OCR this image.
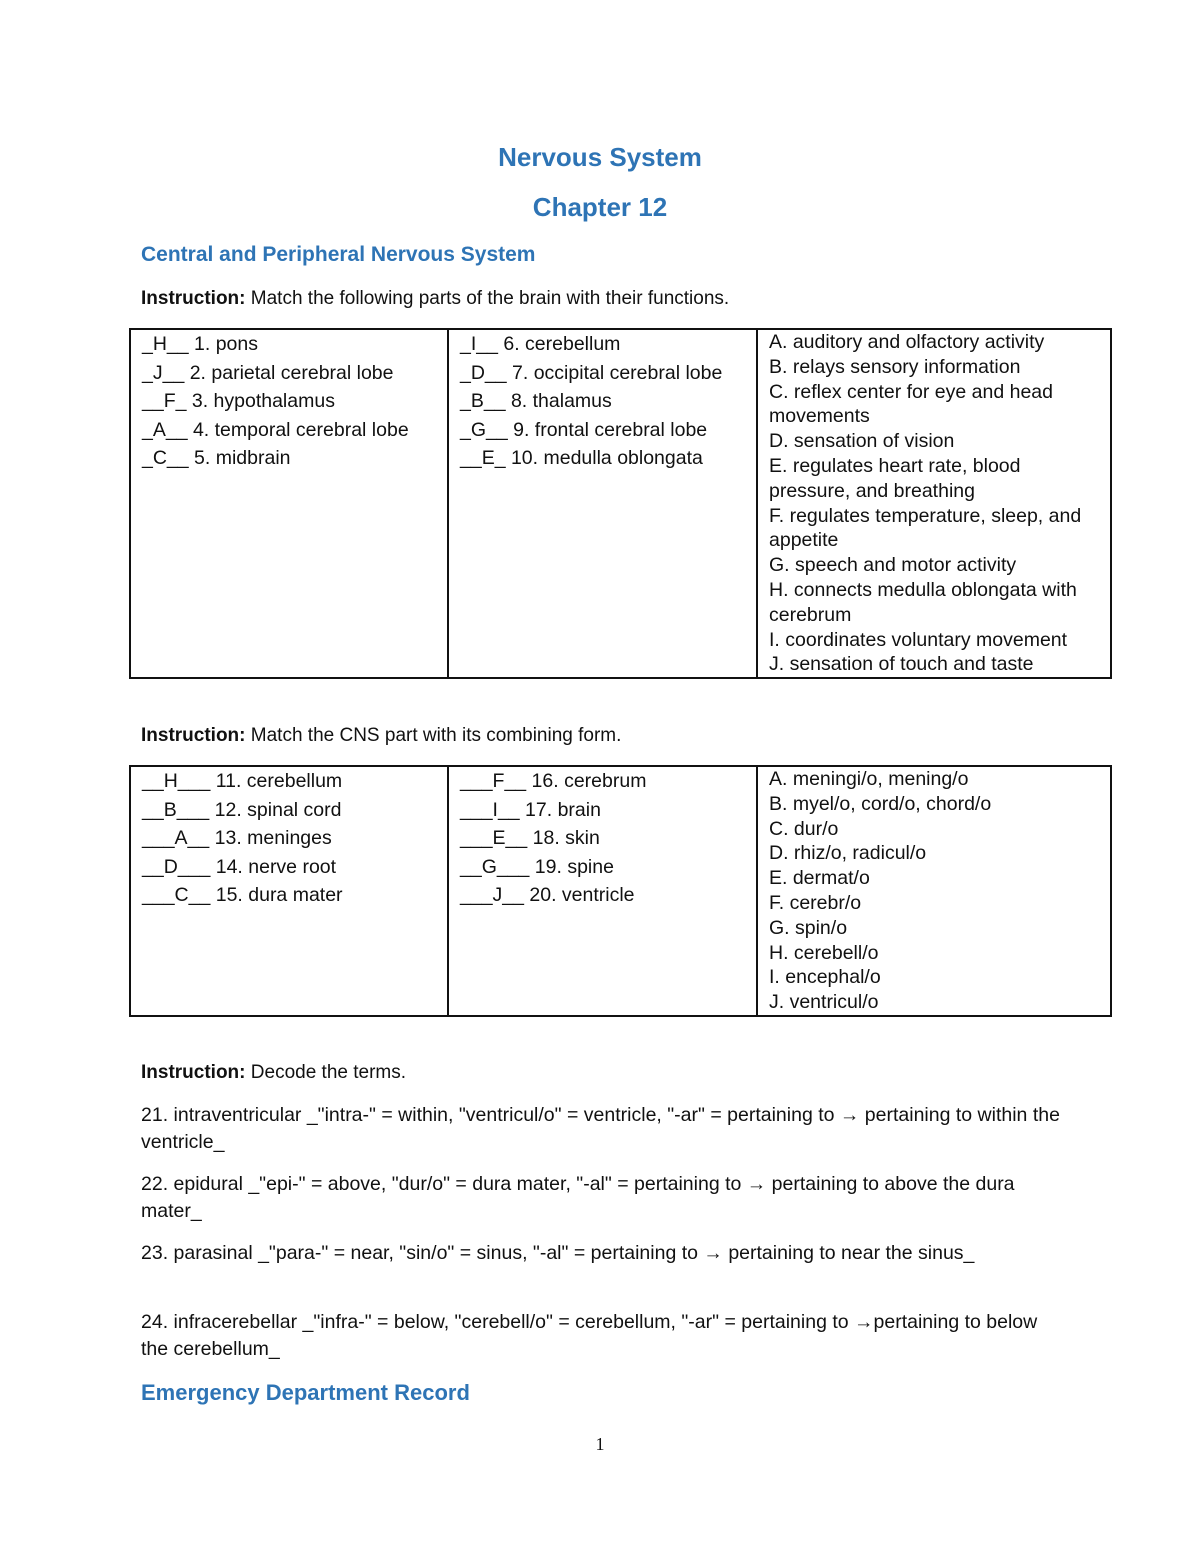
Nervous System
Chapter 12
Central and Peripheral Nervous System
Instruction: Match the following parts of the brain with their functions.
_H__ 1. pons
_J__ 2. parietal cerebral lobe
__F_ 3. hypothalamus
_A__ 4. temporal cerebral lobe
_C__ 5. midbrain

_I__ 6. cerebellum
_D__ 7. occipital cerebral lobe
_B__ 8. thalamus
_G__ 9. frontal cerebral lobe
__E_ 10. medulla oblongata

A. auditory and olfactory activity
B. relays sensory information
C. reflex center for eye and head movements
D. sensation of vision
E. regulates heart rate, blood pressure, and breathing
F. regulates temperature, sleep, and appetite
G. speech and motor activity
H. connects medulla oblongata with cerebrum
I. coordinates voluntary movement
J. sensation of touch and taste
Instruction: Match the CNS part with its combining form.
__H___ 11. cerebellum
__B___ 12. spinal cord
___A__ 13. meninges
__D___ 14. nerve root
___C__ 15. dura mater

___F__ 16. cerebrum
___I__ 17. brain
___E__ 18. skin
__G___ 19. spine
___J__ 20. ventricle

A. meningi/o, mening/o
B. myel/o, cord/o, chord/o
C. dur/o
D. rhiz/o, radicul/o
E. dermat/o
F. cerebr/o
G. spin/o
H. cerebell/o
I. encephal/o
J. ventricul/o
Instruction: Decode the terms.
21. intraventricular _"intra-" = within, "ventricul/o" = ventricle, "-ar" = pertaining to → pertaining to within the ventricle_
22. epidural _"epi-" = above, "dur/o" = dura mater, "-al" = pertaining to → pertaining to above the dura mater_
23. parasinal _"para-" = near, "sin/o" = sinus, "-al" = pertaining to → pertaining to near the sinus_
24. infracerebellar _"infra-" = below, "cerebell/o" = cerebellum, "-ar" = pertaining to →pertaining to below the cerebellum_
Emergency Department Record
1
